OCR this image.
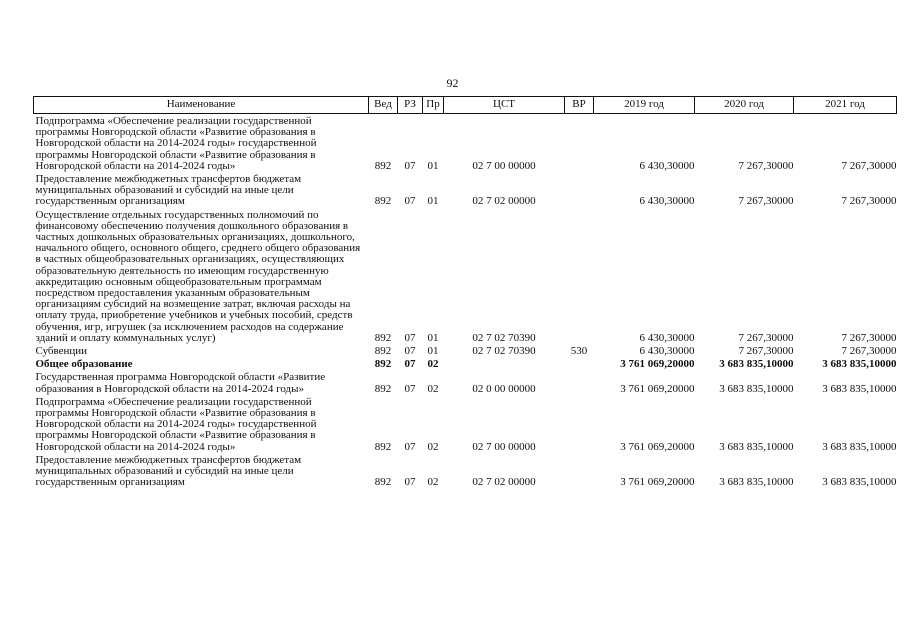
92
Наименование	Вед	РЗ	Пр	ЦСТ	ВР	2019 год	2020 год	2021 год
Подпрограмма «Обеспечение реализации государственной программы Новгородской области «Развитие образования в Новгородской области на 2014-2024 годы» государственной программы Новгородской области «Развитие образования в Новгородской области на 2014-2024 годы»	892	07	01	02 7 00 00000		6 430,30000	7 267,30000	7 267,30000
Предоставление межбюджетных трансфертов бюджетам муниципальных образований и субсидий на иные цели государственным организациям	892	07	01	02 7 02 00000		6 430,30000	7 267,30000	7 267,30000
Осуществление отдельных государственных полномочий по финансовому обеспечению получения дошкольного образования в частных дошкольных образовательных организациях, дошкольного, начального общего, основного общего, среднего общего образования в частных общеобразовательных организациях, осуществляющих образовательную деятельность по имеющим государственную аккредитацию основным общеобразовательным программам посредством предоставления указанным образовательным организациям субсидий на возмещение затрат, включая расходы на оплату труда, приобретение учебников и учебных пособий, средств обучения, игр, игрушек (за исключением расходов на содержание зданий и оплату коммунальных услуг)	892	07	01	02 7 02 70390		6 430,30000	7 267,30000	7 267,30000
Субвенции	892	07	01	02 7 02 70390	530	6 430,30000	7 267,30000	7 267,30000
Общее образование	892	07	02			3 761 069,20000	3 683 835,10000	3 683 835,10000
Государственная программа Новгородской области «Развитие образования в Новгородской области на 2014-2024 годы»	892	07	02	02 0 00 00000		3 761 069,20000	3 683 835,10000	3 683 835,10000
Подпрограмма «Обеспечение реализации государственной программы Новгородской области «Развитие образования в Новгородской области на 2014-2024 годы» государственной программы Новгородской области «Развитие образования в Новгородской области на 2014-2024 годы»	892	07	02	02 7 00 00000		3 761 069,20000	3 683 835,10000	3 683 835,10000
Предоставление межбюджетных трансфертов бюджетам муниципальных образований и субсидий на иные цели государственным организациям	892	07	02	02 7 02 00000		3 761 069,20000	3 683 835,10000	3 683 835,10000
